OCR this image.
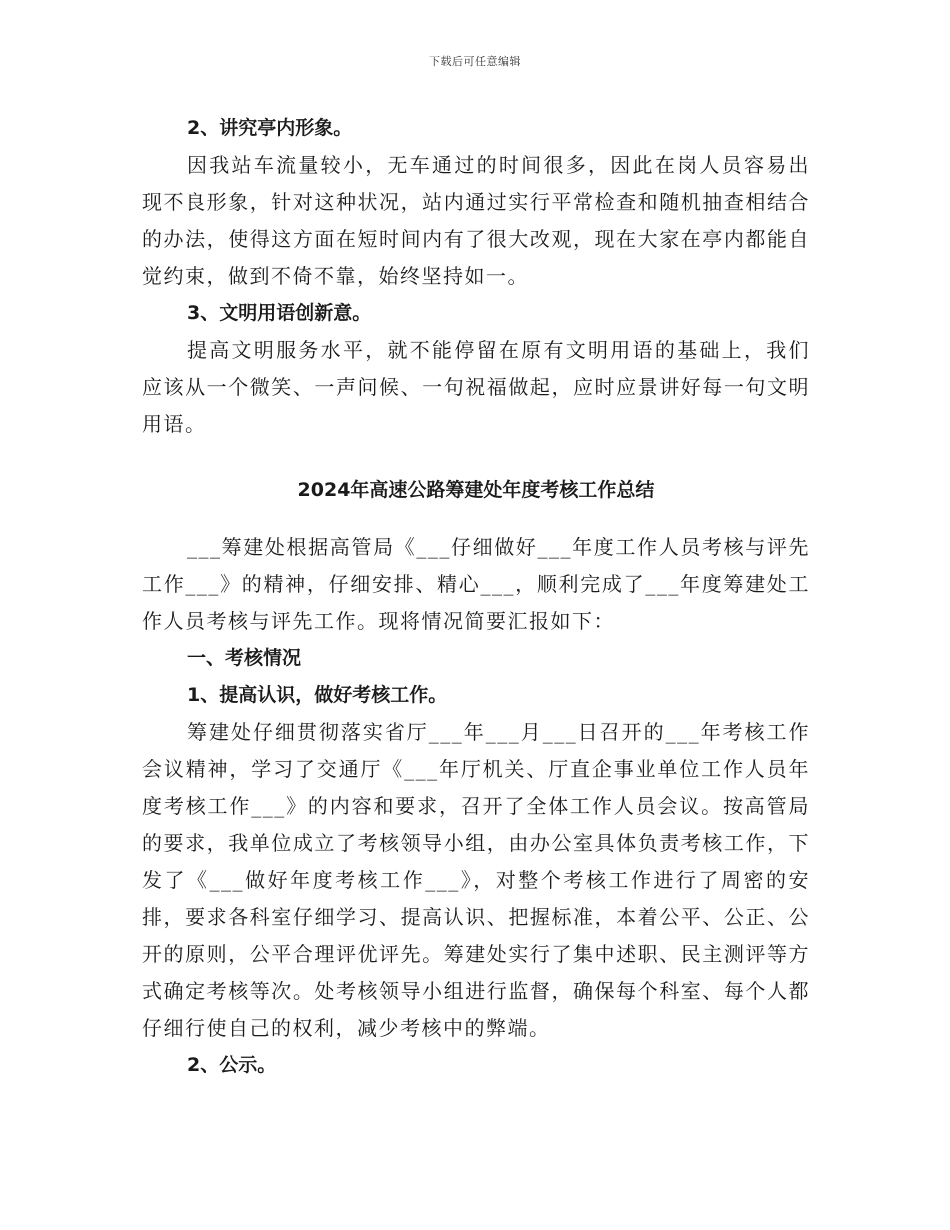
下载后可任意编辑

2、讲究亭内形象。

因我站车流量较小，无车通过的时间很多，因此在岗人员容易出现不良形象，针对这种状况，站内通过实行平常检查和随机抽查相结合的办法，使得这方面在短时间内有了很大改观，现在大家在亭内都能自觉约束，做到不倚不靠，始终坚持如一。

3、文明用语创新意。

提高文明服务水平，就不能停留在原有文明用语的基础上，我们应该从一个微笑、一声问候、一句祝福做起，应时应景讲好每一句文明用语。

2024年高速公路筹建处年度考核工作总结

___筹建处根据高管局《___仔细做好___年度工作人员考核与评先工作___》的精神，仔细安排、精心___，顺利完成了___年度筹建处工作人员考核与评先工作。现将情况简要汇报如下：

一、考核情况

1、提高认识，做好考核工作。

筹建处仔细贯彻落实省厅___年___月___日召开的___年考核工作会议精神，学习了交通厅《___年厅机关、厅直企事业单位工作人员年度考核工作___》的内容和要求，召开了全体工作人员会议。按高管局的要求，我单位成立了考核领导小组，由办公室具体负责考核工作，下发了《___做好年度考核工作___》，对整个考核工作进行了周密的安排，要求各科室仔细学习、提高认识、把握标准，本着公平、公正、公开的原则，公平合理评优评先。筹建处实行了集中述职、民主测评等方式确定考核等次。处考核领导小组进行监督，确保每个科室、每个人都仔细行使自己的权利，减少考核中的弊端。

2、公示。
